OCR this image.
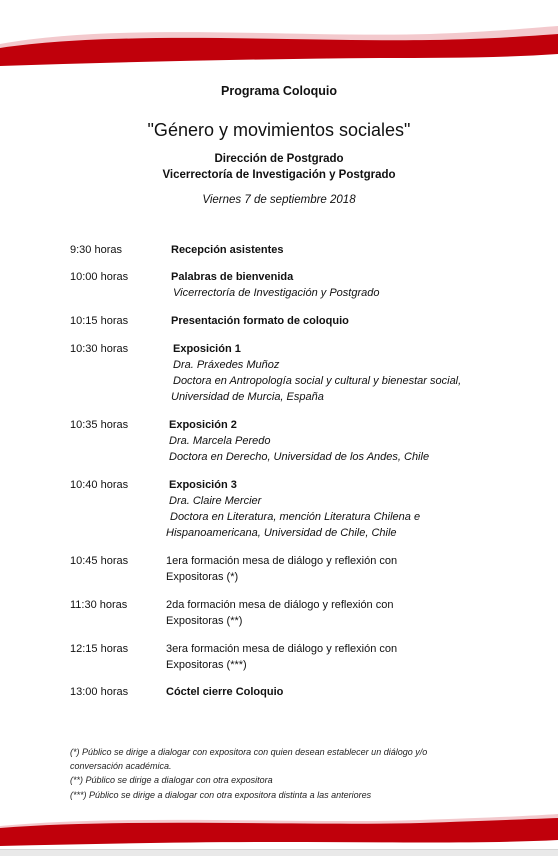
Programa Coloquio
"Género y movimientos sociales"
Dirección de Postgrado
Vicerrectoría de Investigación y Postgrado
Viernes 7 de septiembre 2018
9:30 horas	Recepción asistentes
10:00 horas	Palabras de bienvenida
Vicerrectoría de Investigación y Postgrado
10:15 horas	Presentación formato de coloquio
10:30 horas	Exposición 1
Dra. Práxedes Muñoz
Doctora en Antropología social y cultural y bienestar social,
Universidad de Murcia, España
10:35 horas	Exposición 2
Dra. Marcela Peredo
Doctora en Derecho, Universidad de los Andes, Chile
10:40 horas	Exposición 3
Dra. Claire Mercier
Doctora en Literatura, mención Literatura Chilena e
Hispanoamericana, Universidad de Chile, Chile
10:45 horas	1era formación mesa de diálogo y reflexión con
Expositoras (*)
11:30 horas	2da formación mesa de diálogo y reflexión con
Expositoras (**)
12:15 horas	3era formación mesa de diálogo y reflexión con
Expositoras (***)
13:00 horas	Cóctel cierre Coloquio
(*) Público se dirige a dialogar con expositora con quien desean establecer un diálogo y/o
conversación académica.
(**) Público se dirige a dialogar con otra expositora
(***) Público se dirige a dialogar con otra expositora distinta a las anteriores
